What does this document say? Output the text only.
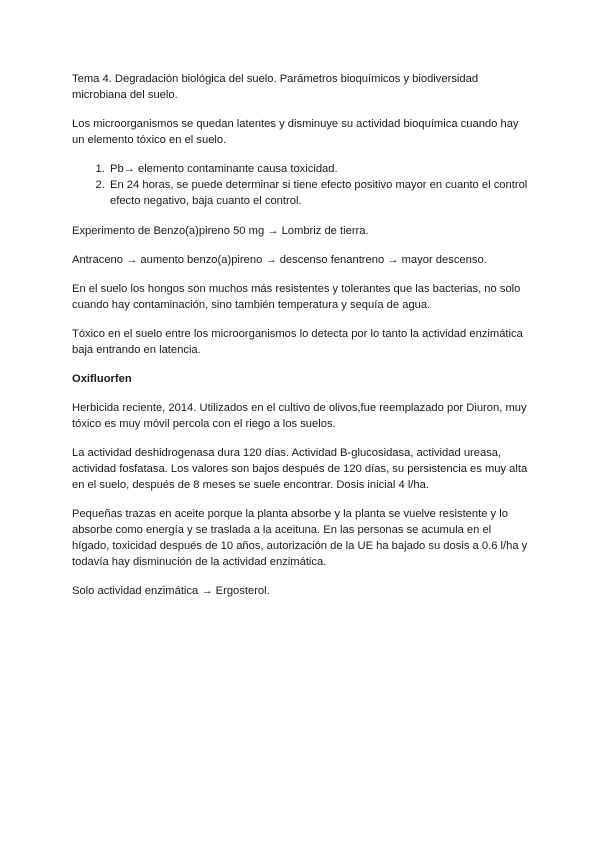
Tema 4. Degradación biológica del suelo. Parámetros bioquímicos y biodiversidad microbiana del suelo.

Los microorganismos se quedan latentes y disminuye su actividad bioquímica cuando hay un elemento tóxico en el suelo.

1. Pb→ elemento contaminante causa toxicidad.
2. En 24 horas, se puede determinar si tiene efecto positivo mayor en cuanto el control efecto negativo, baja cuanto el control.

Experimento de Benzo(a)pireno 50 mg → Lombriz de tierra.

Antraceno → aumento benzo(a)pireno → descenso fenantreno → mayor descenso.

En el suelo los hongos son muchos más resistentes y tolerantes que las bacterias, no solo cuando hay contaminación, sino también temperatura y sequía de agua.

Tóxico en el suelo entre los microorganismos lo detecta por lo tanto la actividad enzimática baja entrando en latencia.

Oxifluorfen

Herbicida reciente, 2014. Utilizados en el cultivo de olivos,fue reemplazado por Diuron, muy tóxico es muy móvil percola con el riego a los suelos.

La actividad deshidrogenasa dura 120 días. Actividad B-glucosidasa, actividad ureasa, actividad fosfatasa. Los valores son bajos después de 120 días, su persistencia es muy alta en el suelo, después de 8 meses se suele encontrar. Dosis inicial 4 l/ha.

Pequeñas trazas en aceite porque la planta absorbe y la planta se vuelve resistente y lo absorbe como energía y se traslada a la aceituna. En las personas se acumula en el hígado, toxicidad después de 10 años, autorización de la UE ha bajado su dosis a 0.6 l/ha y todavía hay disminución de la actividad enzimática.

Solo actividad enzimática → Ergosterol.
